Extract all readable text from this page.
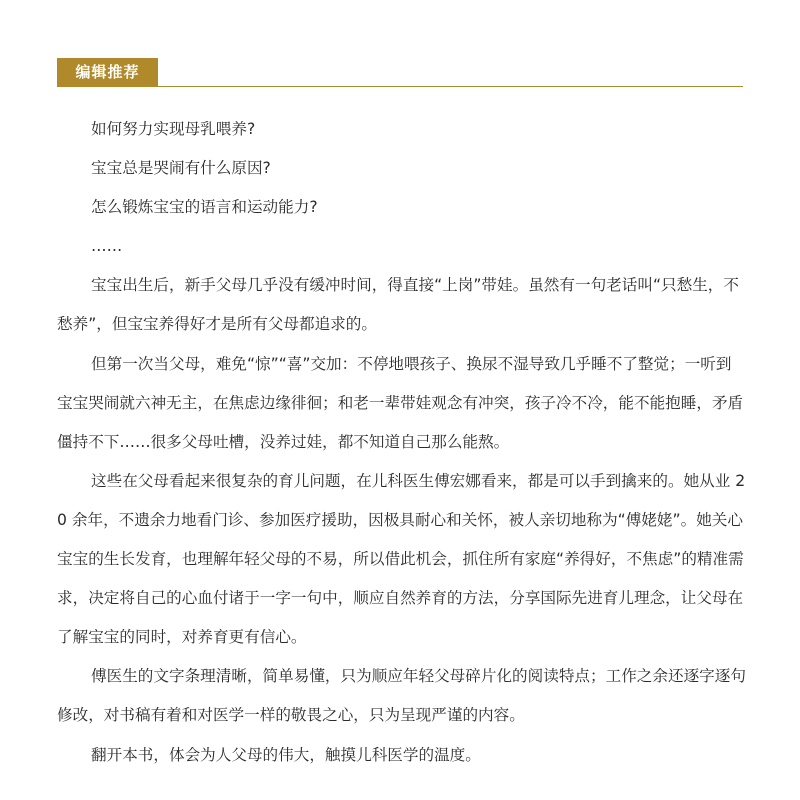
编辑推荐

如何努力实现母乳喂养?

宝宝总是哭闹有什么原因?

怎么锻炼宝宝的语言和运动能力?

……

宝宝出生后，新手父母几乎没有缓冲时间，得直接“上岗”带娃。虽然有一句老话叫“只愁生，不愁养”，但宝宝养得好才是所有父母都追求的。

但第一次当父母，难免“惊”“喜”交加：不停地喂孩子、换尿不湿导致几乎睡不了整觉；一听到宝宝哭闹就六神无主，在焦虑边缘徘徊；和老一辈带娃观念有冲突，孩子冷不冷，能不能抱睡，矛盾僵持不下……很多父母吐槽，没养过娃，都不知道自己那么能熬。

这些在父母看起来很复杂的育儿问题，在儿科医生傅宏娜看来，都是可以手到擒来的。她从业 20 余年，不遗余力地看门诊、参加医疗援助，因极具耐心和关怀，被人亲切地称为“傅姥姥”。她关心宝宝的生长发育，也理解年轻父母的不易，所以借此机会，抓住所有家庭“养得好，不焦虑”的精准需求，决定将自己的心血付诸于一字一句中，顺应自然养育的方法，分享国际先进育儿理念，让父母在了解宝宝的同时，对养育更有信心。

傅医生的文字条理清晰，简单易懂，只为顺应年轻父母碎片化的阅读特点；工作之余还逐字逐句修改，对书稿有着和对医学一样的敬畏之心，只为呈现严谨的内容。

翻开本书，体会为人父母的伟大，触摸儿科医学的温度。
